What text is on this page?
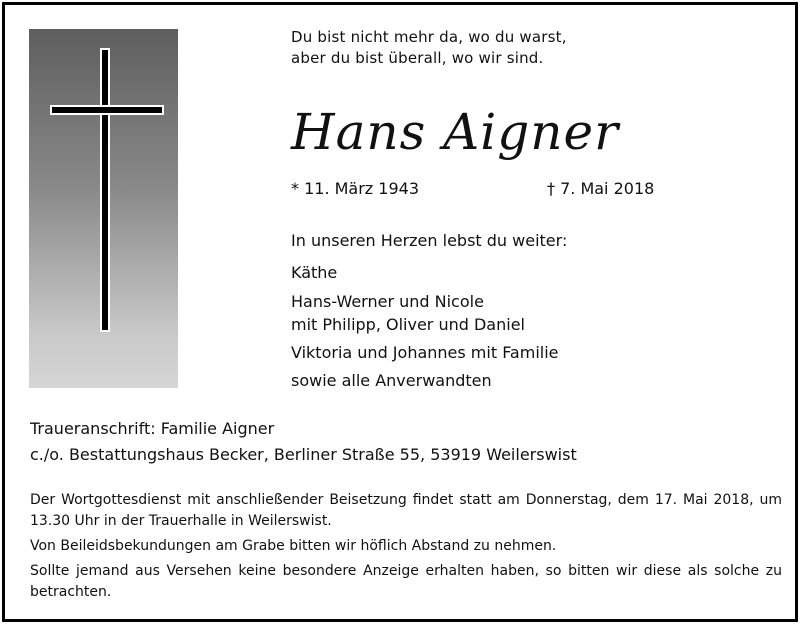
Du bist nicht mehr da, wo du warst,
aber du bist überall, wo wir sind.
Hans Aigner
* 11. März 1943	† 7. Mai 2018
In unseren Herzen lebst du weiter:
Käthe
Hans-Werner und Nicole
mit Philipp, Oliver und Daniel
Viktoria und Johannes mit Familie
sowie alle Anverwandten
Traueranschrift: Familie Aigner
c./o. Bestattungshaus Becker, Berliner Straße 55, 53919 Weilerswist

Der Wortgottesdienst mit anschließender Beisetzung findet statt am Donnerstag, dem 17. Mai 2018, um 13.30 Uhr in der Trauerhalle in Weilerswist.

Von Beileidsbekundungen am Grabe bitten wir höflich Abstand zu nehmen.

Sollte jemand aus Versehen keine besondere Anzeige erhalten haben, so bitten wir diese als solche zu betrachten.
